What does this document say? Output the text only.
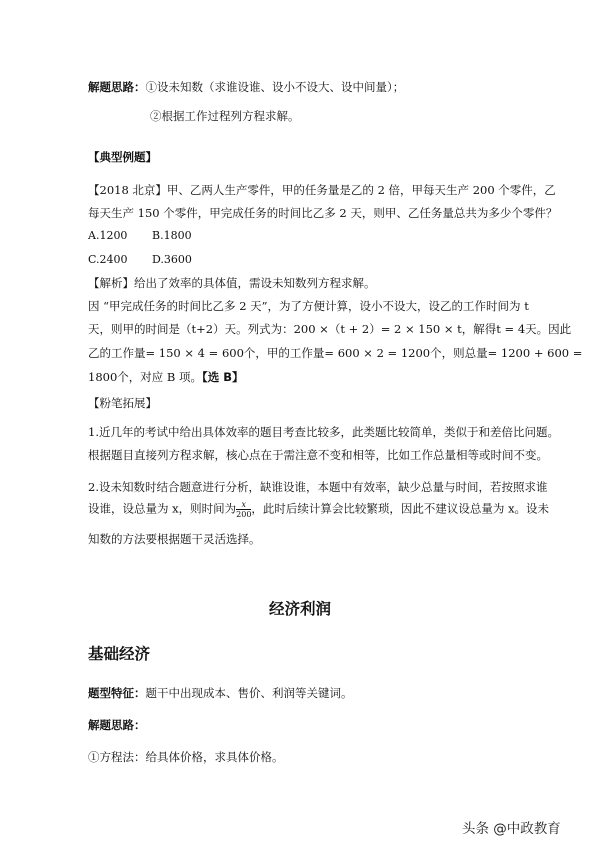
解题思路：①设未知数（求谁设谁、设小不设大、设中间量）；
②根据工作过程列方程求解。
【典型例题】
【2018 北京】甲、乙两人生产零件，甲的任务量是乙的 2 倍，甲每天生产 200 个零件，乙
每天生产 150 个零件，甲完成任务的时间比乙多 2 天，则甲、乙任务量总共为多少个零件？
A.1200 B.1800
C.2400 D.3600
【解析】给出了效率的具体值，需设未知数列方程求解。
因 “甲完成任务的时间比乙多 2 天”，为了方便计算，设小不设大，设乙的工作时间为 t
天，则甲的时间是（t+2）天。列式为：200 ×（t + 2）= 2 × 150 × t，解得t = 4天。因此
乙的工作量= 150 × 4 = 600个，甲的工作量= 600 × 2 = 1200个，则总量= 1200 + 600 =
1800个，对应 B 项。【选 B】
【粉笔拓展】
1.近几年的考试中给出具体效率的题目考查比较多，此类题比较简单，类似于和差倍比问题。
根据题目直接列方程求解，核心点在于需注意不变和相等，比如工作总量相等或时间不变。
2.设未知数时结合题意进行分析，缺谁设谁，本题中有效率，缺少总量与时间，若按照求谁
设谁，设总量为 x，则时间为 $\frac{x}{200}$ ，此时后续计算会比较繁琐，因此不建议设总量为 x。设未
知数的方法要根据题干灵活选择。
经济利润
基础经济
题型特征：题干中出现成本、售价、利润等关键词。
解题思路：
①方程法：给具体价格，求具体价格。
头条 @中政教育
